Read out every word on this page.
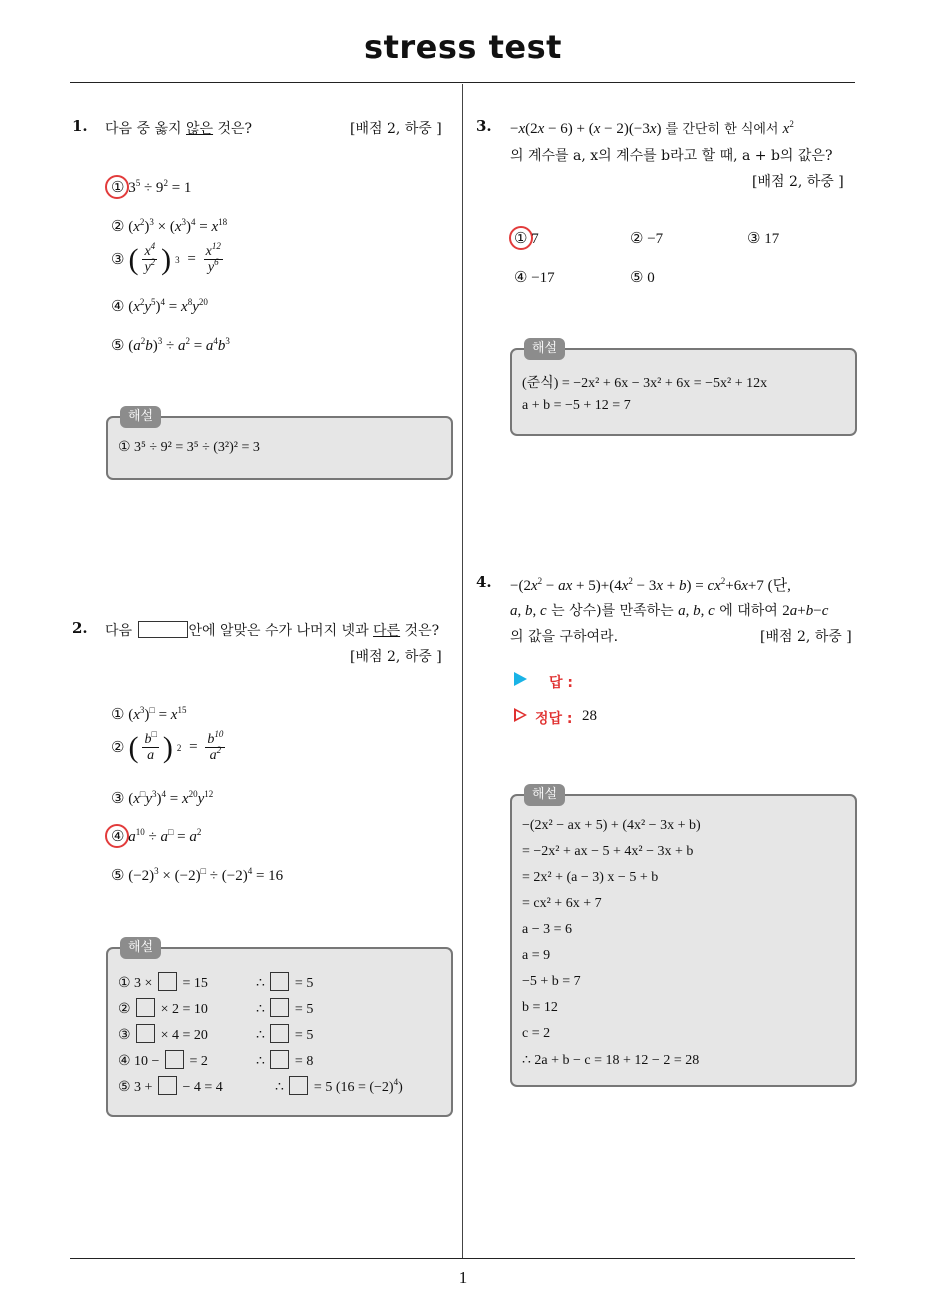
stress test
1
1. 다음 중 옳지 않은 것은?	[배점 2, 하중 ]
① $3^5 \div 9^2 = 1$
② $(x^2)^3 \times (x^3)^4 = x^{18}$
③ ( $\frac{x^4}{y^2}$ ) $3 = \frac{x^{12}}{y^6}$
④ $(x^2y^5)^4 = x^8y^{20}$
⑤ $(a^2b)^3 \div a^2 = a^4b^3$
해설
① 3⁵ ÷ 9² = 3⁵ ÷ (3²)² = 3
2. 다음	안에 알맞은 수가 나머지 넷과 다른 것은?
[배점 2, 하중 ]
① $(x^3)^□ = x^{15}$
② ( $\frac{b^□}{a}$ ) $2 = \frac{b^{10}}{a^2}$
③ $(x^□y^3)^4 = x^{20}y^{12}$
④ $a^{10} \div a^□ = a^2$
⑤ $(-2)^3 \times (-2)^□ \div (-2)^4 = 16$
해설
① 3 ×  = 15	∴  = 5
②  × 2 = 10	∴  = 5
③  × 4 = 20	∴  = 5
④ 10 −  = 2	∴  = 8
⑤ 3 +  − 4 = 4	∴  = 5 $(16 = (-2)^4)$
3. −x(2x − 6) + (x − 2)(−3x) 를 간단히 한 식에서 $x^2$
의 계수를 a, x의 계수를 b라고 할 때, a + b의 값은?
[배점 2, 하중 ]
① 7	② −7	③ 17
④ −17	⑤ 0
해설
(준식) = −2x² + 6x − 3x² + 6x = −5x² + 12x
a + b = −5 + 12 = 7
4. $-(2x^2$ − ax + $5)+(4x^2 - 3x + b) = cx^2+6x+7$ (단,
a, b, c 는 상수)를 만족하는 a, b, c 에 대하여 2a+b−c
의 값을 구하여라.	[배점 2, 하중 ]
답 :
정답 : 28
해설
−(2x² − ax + 5) + (4x² − 3x + b)
= −2x² + ax − 5 + 4x² − 3x + b
= 2x² + (a − 3) x − 5 + b
= cx² + 6x + 7
a − 3 = 6
a = 9
−5 + b = 7
b = 12
c = 2
∴ 2a + b − c = 18 + 12 − 2 = 28
